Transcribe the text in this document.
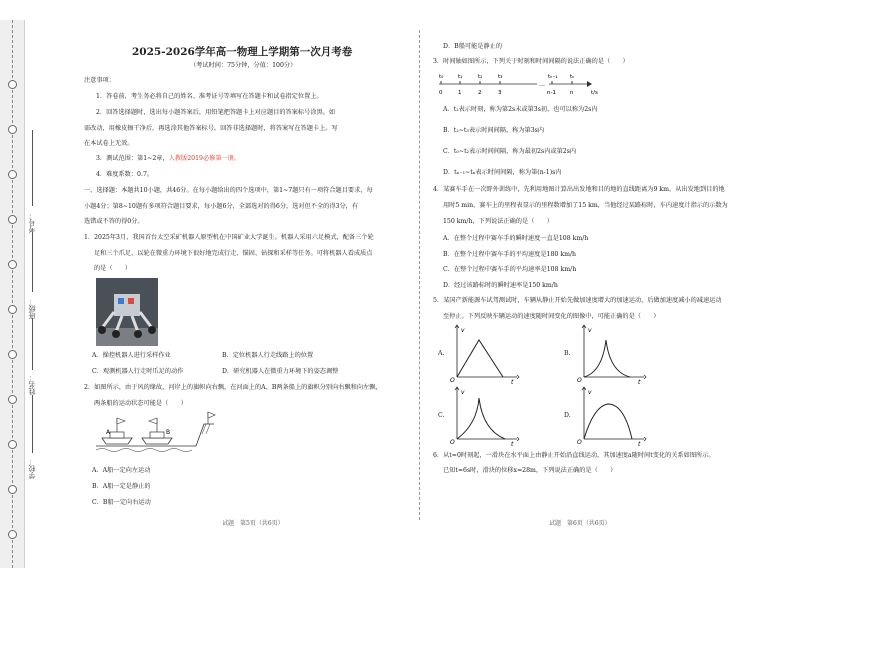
考号：
班级：
姓名：
学校：
2025-2026学年高一物理上学期第一次月考卷
（考试时间：75分钟，分值：100分）
注意事项：
1．答卷前，考生务必将自己的姓名、准考证号等填写在答题卡和试卷指定位置上。
2．回答选择题时，选出每小题答案后，用铅笔把答题卡上对应题目的答案标号涂黑。如
需改动，用橡皮擦干净后，再选涂其他答案标号。回答非选择题时，将答案写在答题卡上。写
在本试卷上无效。
3．测试范围：第1~2章，人教版2019必修第一册。
4．难度系数：0.7。
一、选择题：本题共10小题，共46分。在每小题给出的四个选项中，第1~7题只有一项符合题目要求，每
小题4分；第8~10题有多项符合题目要求，每小题6分，全部选对的得6分，选对但不全的得3分，有
选错或不答的得0分。
1．2025年3月，我国首台太空采矿机器人原型机在中国矿业大学诞生。机器人采用六足模式，配备三个轮
足和三个爪足，以轮在微重力环境下很好地完成行走、锚固、钻探和采样等任务。可将机器人看成质点
的是（　　）
A．操控机器人进行采样作业	B．定位机器人行走线路上的位置
C．观测机器人行走时爪足的动作	D．研究机器人在微重力环境下的姿态调整
2．如图所示，由于风的缘故，河岸上的旗帜向右飘，在河面上的A、B两条船上的旗帜分别向右飘和向左飘，
两条船的运动状态可能是（　　）
A	B
A．A船一定向左运动
B．A船一定是静止的
C．B船一定向右运动
试题　第5页（共6页）
D．B船可能是静止的
3．时间轴如图所示，下列关于时刻和时间间隔的说法正确的是（　　）
…
t₀	t₁	t₂	t₃	tₙ₋₁ tₙ
0	1	2	3	n-1	n	t/s
A．t₂表示时刻，称为第2s末或第3s初，也可以称为2s内
B．t₂~t₃表示时间间隔，称为第3s内
C．t₀~t₂表示时间间隔，称为最初2s内或第2s内
D．tₙ₋₁~tₙ表示时间间隔，称为第(n-1)s内
4．某赛车手在一次野外训练中，先利用地图计算出出发地和目的地的直线距离为9 km，从出发地到目的地
用时5 min，赛车上的里程表显示的里程数增加了15 km，当他经过某路标时，车内速度计指示的示数为
150 km/h，下列说法正确的是（　　）
A．在整个过程中赛车手的瞬时速度一直是108 km/h
B．在整个过程中赛车手的平均速度是180 km/h
C．在整个过程中赛车手的平均速率是108 km/h
D．经过该路标时的瞬时速率是150 km/h
5．某国产新能源车试驾测试时，车辆从静止开始先做加速度增大的加速运动，后做加速度减小的减速运动
至停止。下列反映车辆运动的速度随时间变化的图像中，可能正确的是（　　）
A.
v
t
O
B.
v
t
O
C.
v
t
O
D.
v
t
O
6．从t=0时刻起，一滑块在水平面上由静止开始沿直线运动，其加速度a随时间t变化的关系如图所示。
已知t=6s时，滑块的位移x=28m，下列说法正确的是（　　）
试题　第6页（共6页）
